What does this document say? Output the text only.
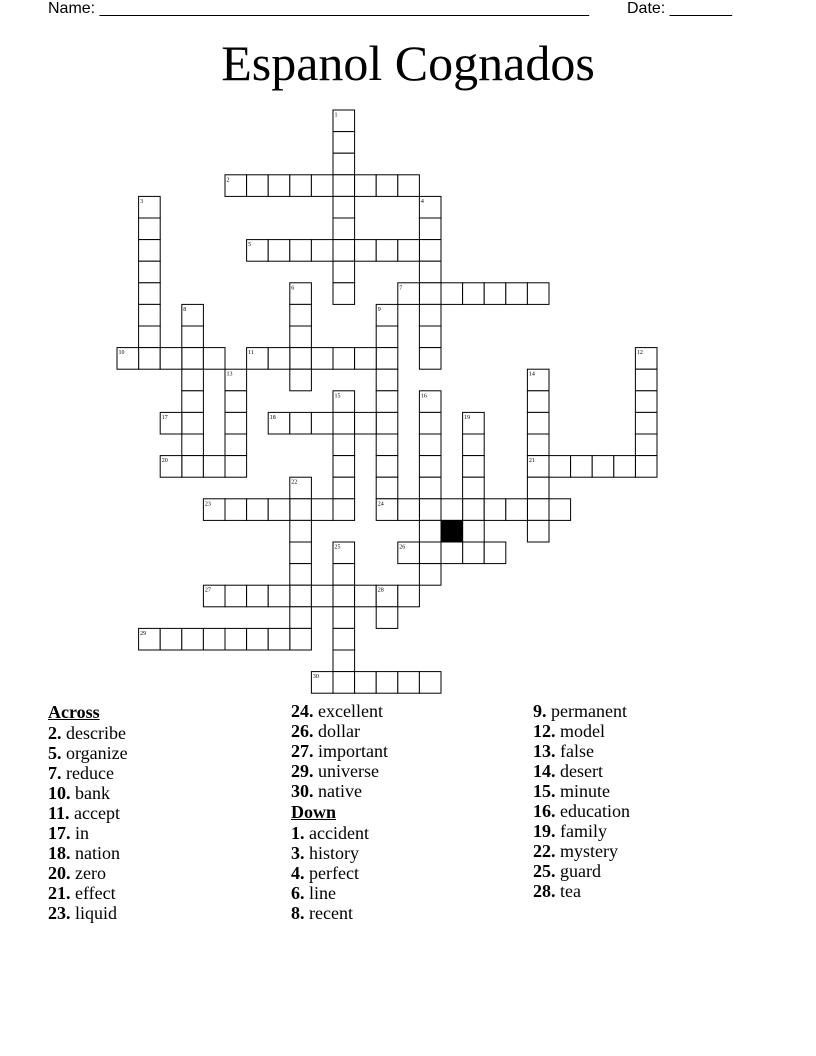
Name: _______________________________________________________

Date: _______

Espanol Cognados
1
2
3	4
5
6	7
8	9
10	11	12
13	14
15	16
17	18	19
20	21
22
23	24
25	26
27	28
29
30
Across
2. describe
5. organize
7. reduce
10. bank
11. accept
17. in
18. nation
20. zero
21. effect
23. liquid
24. excellent
26. dollar
27. important
29. universe
30. native
Down
1. accident
3. history
4. perfect
6. line
8. recent
9. permanent
12. model
13. false
14. desert
15. minute
16. education
19. family
22. mystery
25. guard
28. tea
